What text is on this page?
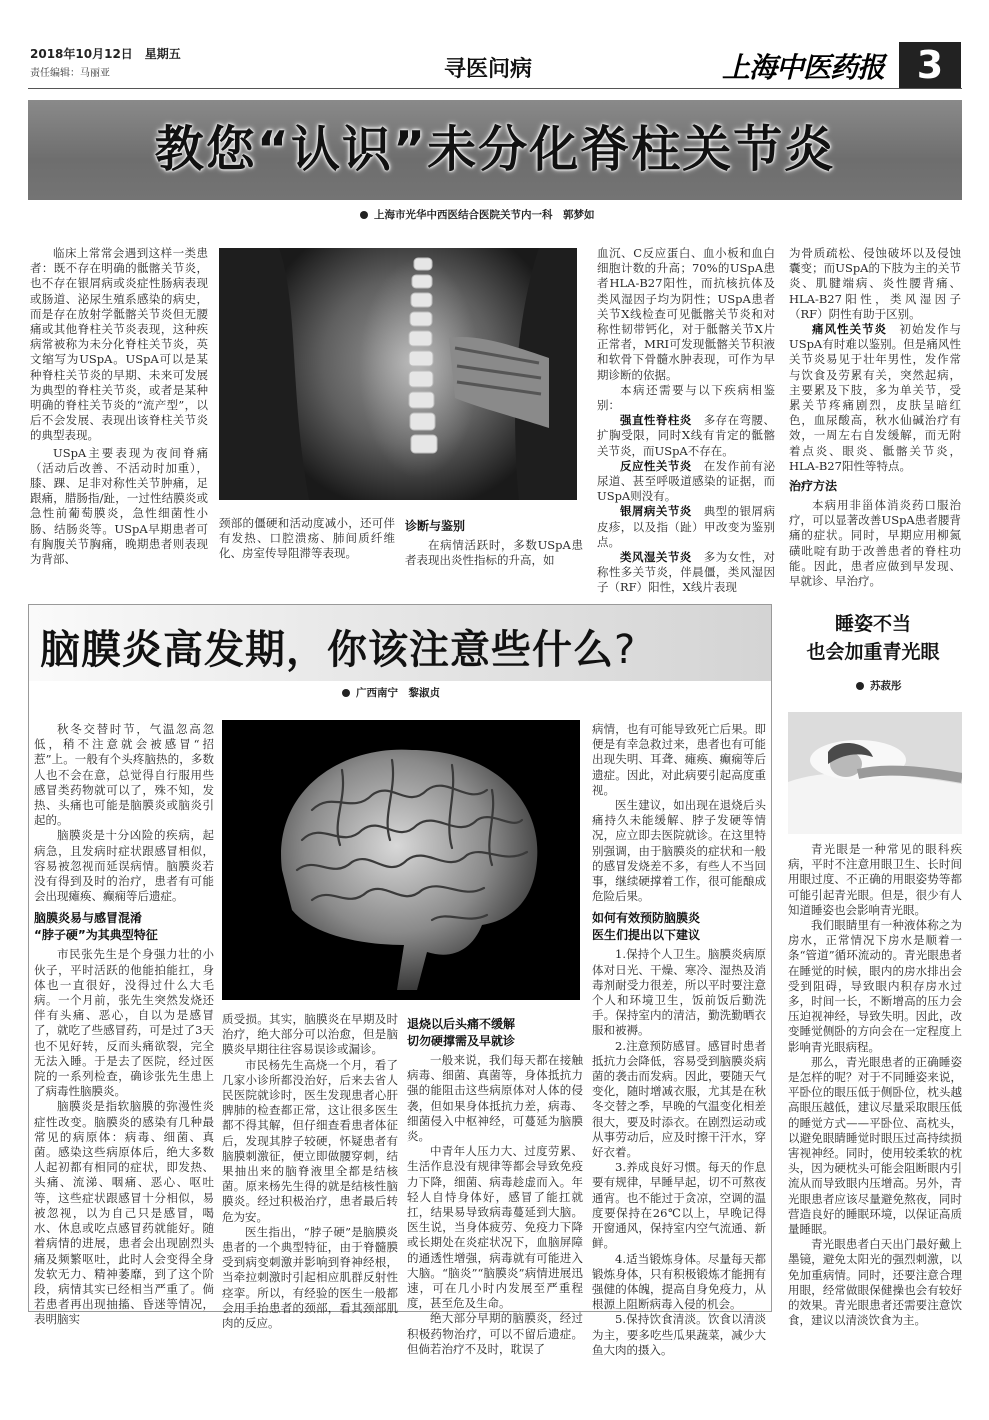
2018年10月12日　星期五
责任编辑：马丽亚	寻医问病	上海中医药报 3
教您“认识”未分化脊柱关节炎
上海市光华中西医结合医院关节内一科　郭梦如

临床上常常会遇到这样一类患者：既不存在明确的骶髂关节炎，也不存在银屑病或炎症性肠病表现或肠道、泌尿生殖系感染的病史，而是存在放射学骶髂关节炎但无腰痛或其他脊柱关节炎表现，这种疾病常被称为未分化脊柱关节炎，英文缩写为USpA。USpA可以是某种脊柱关节炎的早期、未来可发展为典型的脊柱关节炎，或者是某种明确的脊柱关节炎的“流产型”，以后不会发展、表现出该脊柱关节炎的典型表现。

USpA主要表现为夜间脊痛（活动后改善、不活动时加重），膝、踝、足非对称性关节肿痛，足跟痛，腊肠指/趾，一过性结膜炎或急性前葡萄膜炎，急性细菌性小肠、结肠炎等。USpA早期患者可有胸腹关节胸痛，晚期患者则表现为背部、

颈部的僵硬和活动度减小，还可伴有发热、口腔溃疡、肺间质纤维化、房室传导阻滞等表现。

诊断与鉴别

在病情活跃时，多数USpA患者表现出炎性指标的升高，如

血沉、C反应蛋白、血小板和血白细胞计数的升高；70%的USpA患者HLA-B27阳性，而抗核抗体及类风湿因子均为阴性；USpA患者关节X线检查可见骶髂关节炎和对称性韧带钙化，对于骶髂关节X片正常者，MRI可发现骶髂关节积液和软骨下骨髓水肿表现，可作为早期诊断的依据。

本病还需要与以下疾病相鉴别：

强直性脊柱炎　 多存在弯腰、扩胸受限，同时X线有肯定的骶髂关节炎，而USpA不存在。

反应性关节炎　 在发作前有泌尿道、甚至呼吸道感染的证据，而USpA则没有。

银屑病关节炎　 典型的银屑病皮疹，以及指（趾）甲改变为鉴别点。

类风湿关节炎　 多为女性，对称性多关节炎，伴晨僵，类风湿因子（RF）阳性，X线片表现

为骨质疏松、侵蚀破坏以及侵蚀囊变；而USpA的下肢为主的关节炎、肌腱端病、炎性腰背痛、HLA-B27阳性，类风湿因子（RF）阴性有助于区别。

痛风性关节炎　 初始发作与USpA有时难以鉴别。但是痛风性关节炎易见于壮年男性，发作常与饮食及劳累有关，突然起病，主要累及下肢，多为单关节，受累关节疼痛剧烈，皮肤呈暗红色，血尿酸高，秋水仙碱治疗有效，一周左右自发缓解，而无附着点炎、眼炎、骶髂关节炎，HLA-B27阳性等特点。

治疗方法

本病用非甾体消炎药口服治疗，可以显著改善USpA患者腰背痛的症状。同时，早期应用柳氮磺吡啶有助于改善患者的脊柱功能。因此，患者应做到早发现、早就诊、早治疗。

脑膜炎高发期，你该注意些什么?
广西南宁　黎淑贞

秋冬交替时节，气温忽高忽低，稍不注意就会被感冒“招惹”上。一般有个头疼脑热的，多数人也不会在意，总觉得自行服用些感冒类药物就可以了，殊不知，发热、头痛也可能是脑膜炎或脑炎引起的。

脑膜炎是十分凶险的疾病，起病急，且发病时症状跟感冒相似，容易被忽视而延误病情。脑膜炎若没有得到及时的治疗，患者有可能会出现瘫痪、癫痫等后遗症。

脑膜炎易与感冒混淆
“脖子硬”为其典型特征

市民张先生是个身强力壮的小伙子，平时活跃的他能拍能扛，身体也一直很好，没得过什么大毛病。一个月前，张先生突然发烧还伴有头痛、恶心，自以为是感冒了，就吃了些感冒药，可是过了3天也不见好转，反而头痛欲裂，完全无法入睡。于是去了医院，经过医院的一系列检查，确诊张先生患上了病毒性脑膜炎。

脑膜炎是指软脑膜的弥漫性炎症性改变。脑膜炎的感染有几种最常见的病原体：病毒、细菌、真菌。感染这些病原体后，绝大多数人起初都有相同的症状，即发热、头痛、流涕、咽痛、恶心、呕吐等，这些症状跟感冒十分相似，易被忽视，以为自己只是感冒，喝水、休息或吃点感冒药就能好。随着病情的进展，患者会出现剧烈头痛及频繁呕吐，此时人会变得全身发软无力、精神萎靡，到了这个阶段，病情其实已经相当严重了。倘若患者再出现抽搐、昏迷等情况，表明脑实

质受损。其实，脑膜炎在早期及时治疗，绝大部分可以治愈，但是脑膜炎早期往往容易误诊或漏诊。

市民杨先生高烧一个月，看了几家小诊所都没治好，后来去省人民医院就诊时，医生发现患者心肝脾肺的检查都正常，这让很多医生都不得其解，但仔细查看患者体征后，发现其脖子较硬，怀疑患者有脑膜刺激征，便立即做腰穿刺，结果抽出来的脑脊液里全都是结核菌。原来杨先生得的就是结核性脑膜炎。经过积极治疗，患者最后转危为安。

医生指出，“脖子硬”是脑膜炎患者的一个典型特征，由于脊髓膜受到病变刺激并影响到脊神经根，当牵拉刺激时引起相应肌群反射性痉挛。所以，有经验的医生一般都会用手抬患者的颈部，看其颈部肌肉的反应。

退烧以后头痛不缓解
切勿硬撑需及早就诊

一般来说，我们每天都在接触病毒、细菌、真菌等，身体抵抗力强的能阻击这些病原体对人体的侵袭，但如果身体抵抗力差，病毒、细菌侵入中枢神经，可蔓延为脑膜炎。

中青年人压力大、过度劳累、生活作息没有规律等都会导致免疫力下降，细菌、病毒趁虚而入。年轻人自恃身体好，感冒了能扛就扛，结果易导致病毒蔓延到大脑。医生说，当身体疲劳、免疫力下降或长期处在炎症状况下，血脑屏障的通透性增强，病毒就有可能进入大脑。“脑炎”“脑膜炎”病情进展迅速，可在几小时内发展至严重程度，甚至危及生命。

绝大部分早期的脑膜炎，经过积极药物治疗，可以不留后遗症。但倘若治疗不及时，耽误了

病情，也有可能导致死亡后果。即便是有幸急救过来，患者也有可能出现失明、耳聋、瘫痪、癫痫等后遗症。因此，对此病要引起高度重视。

医生建议，如出现在退烧后头痛持久未能缓解、脖子发硬等情况，应立即去医院就诊。在这里特别强调，由于脑膜炎的症状和一般的感冒发烧差不多，有些人不当回事，继续硬撑着工作，很可能酿成危险后果。

如何有效预防脑膜炎
医生们提出以下建议

1.保持个人卫生。脑膜炎病原体对日光、干燥、寒冷、湿热及消毒剂耐受力很差，所以平时要注意个人和环境卫生，饭前饭后勤洗手。保持室内的清洁，勤洗勤晒衣服和被褥。

2.注意预防感冒。感冒时患者抵抗力会降低，容易受到脑膜炎病菌的袭击而发病。因此，要随天气变化，随时增减衣服，尤其是在秋冬交替之季，早晚的气温变化相差很大，要及时添衣。在剧烈运动或从事劳动后，应及时擦干汗水，穿好衣着。

3.养成良好习惯。每天的作息要有规律，早睡早起，切不可熬夜通宵。也不能过于贪凉，空调的温度要保持在26℃以上，早晚记得开窗通风，保持室内空气流通、新鲜。

4.适当锻炼身体。尽量每天都锻炼身体，只有积极锻炼才能拥有强健的体魄，提高自身免疫力，从根源上阻断病毒入侵的机会。

5.保持饮食清淡。饮食以清淡为主，要多吃些瓜果蔬菜，减少大鱼大肉的摄入。

睡姿不当
也会加重青光眼
苏菽彤

青光眼是一种常见的眼科疾病，平时不注意用眼卫生、长时间用眼过度、不正确的用眼姿势等都可能引起青光眼。但是，很少有人知道睡姿也会影响青光眼。

我们眼睛里有一种液体称之为房水，正常情况下房水是顺着一条“管道”循环流动的。青光眼患者在睡觉的时候，眼内的房水排出会受到阻碍，导致眼内积存房水过多，时间一长，不断增高的压力会压迫视神经，导致失明。因此，改变睡觉侧卧的方向会在一定程度上影响青光眼病程。

那么，青光眼患者的正确睡姿是怎样的呢？对于不同睡姿来说，平卧位的眼压低于侧卧位，枕头越高眼压越低，建议尽量采取眼压低的睡觉方式——平卧位、高枕头，以避免眼睛睡觉时眼压过高持续损害视神经。同时，使用较柔软的枕头，因为硬枕头可能会阻断眼内引流从而导致眼内压增高。另外，青光眼患者应该尽量避免熬夜，同时营造良好的睡眠环境，以保证高质量睡眠。

青光眼患者白天出门最好戴上墨镜，避免太阳光的强烈刺激，以免加重病情。同时，还要注意合理用眼，经常做眼保健操也会有较好的效果。青光眼患者还需要注意饮食，建议以清淡饮食为主。
